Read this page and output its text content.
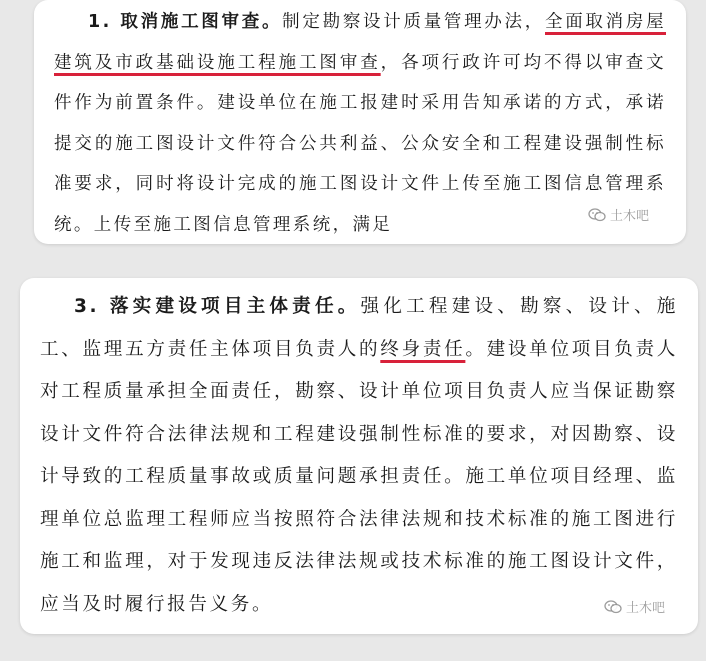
1. 取消施工图审查。制定勘察设计质量管理办法，全面取消房屋建筑及市政基础设施工程施工图审查，各项行政许可均不得以审查文件作为前置条件。建设单位在施工报建时采用告知承诺的方式，承诺提交的施工图设计文件符合公共利益、公众安全和工程建设强制性标准要求，同时将设计完成的施工图设计文件上传至施工图信息管理系统。上传至施工图信息管理系统，满足	土木吧

3. 落实建设项目主体责任。强化工程建设、勘察、设计、施工、监理五方责任主体项目负责人的终身责任。建设单位项目负责人对工程质量承担全面责任，勘察、设计单位项目负责人应当保证勘察设计文件符合法律法规和工程建设强制性标准的要求，对因勘察、设计导致的工程质量事故或质量问题承担责任。施工单位项目经理、监理单位总监理工程师应当按照符合法律法规和技术标准的施工图进行施工和监理，对于发现违反法律法规或技术标准的施工图设计文件，应当及时履行报告义务。	土木吧
